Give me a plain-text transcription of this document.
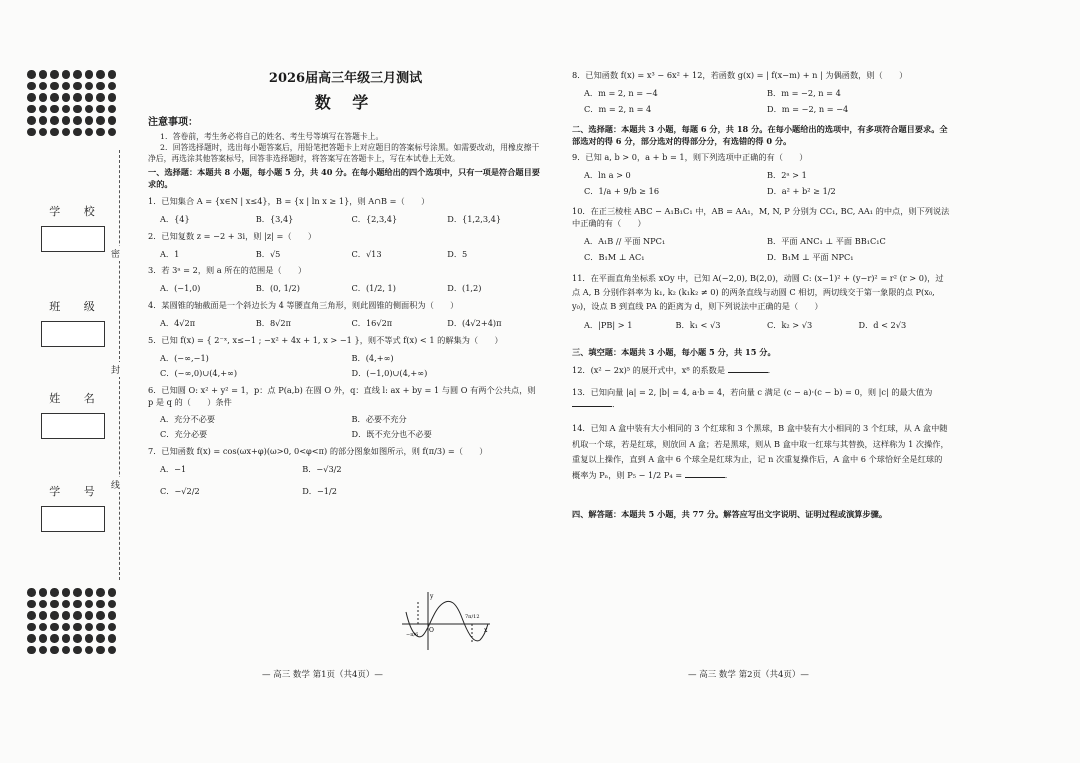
密
封
线
学 校
班 级
姓 名
学 号
2026届高三年级三月测试
数 学
注意事项：
1．答卷前，考生务必将自己的姓名、考生号等填写在答题卡上。
2．回答选择题时，选出每小题答案后，用铅笔把答题卡上对应题目的答案标号涂黑。如需要改动，用橡皮擦干净后，再选涂其他答案标号，回答非选择题时，将答案写在答题卡上，写在本试卷上无效。
一、选择题：本题共 8 小题，每小题 5 分，共 40 分。在每小题给出的四个选项中，只有一项是符合题目要求的。
1．已知集合 A = {x∈N | x≤4}，B = {x | ln x ≥ 1}，则 A∩B =（　　）
A．{4}	B．{3,4}	C．{2,3,4}	D．{1,2,3,4}
2．已知复数 z = −2 + 3i，则 |z| =（　　）
A．1	B．√5	C．√13	D．5
3．若 3ᵃ = 2，则 a 所在的范围是（　　）
A．(−1,0)	B．(0, 1/2)	C．(1/2, 1)	D．(1,2)
4．某圆锥的轴截面是一个斜边长为 4 等腰直角三角形，则此圆锥的侧面积为（　　）
A．4√2π	B．8√2π	C．16√2π	D．(4√2+4)π
5．已知 f(x) = { 2⁻ˣ, x≤−1 ; −x² + 4x + 1, x > −1 }，则不等式 f(x) < 1 的解集为（　　）
A．(−∞,−1)	B．(4,+∞)
C．(−∞,0)∪(4,+∞)	D．(−1,0)∪(4,+∞)
6．已知圆 O: x² + y² = 1，p：点 P(a,b) 在圆 O 外，q：直线 l: ax + by = 1 与圆 O 有两个公共点，则 p 是 q 的（　　）条件
A．充分不必要	B．必要不充分
C．充分必要	D．既不充分也不必要
7．已知函数 f(x) = cos(ωx+φ)(ω>0, 0<φ<π) 的部分图象如图所示，则 f(π/3) =（　　）
A．−1	B．−√3/2
C．−√2/2	D．−1/2
y
O	x
−π/6
7π/12
— 高三 数学 第1页（共4页）—
8．已知函数 f(x) = x³ − 6x² + 12，若函数 g(x) = | f(x−m) + n | 为偶函数，则（　　）
A．m = 2, n = −4	B．m = −2, n = 4
C．m = 2, n = 4	D．m = −2, n = −4
二、选择题：本题共 3 小题，每题 6 分，共 18 分。在每小题给出的选项中，有多项符合题目要求。全部选对的得 6 分，部分选对的得部分分，有选错的得 0 分。
9．已知 a, b > 0，a + b = 1，则下列选项中正确的有（　　）
A．ln a > 0	B．2ᵃ > 1
C．1/a + 9/b ≥ 16	D．a² + b² ≥ 1/2
10．在正三棱柱 ABC − A₁B₁C₁ 中，AB = AA₁，M, N, P 分别为 CC₁, BC, AA₁ 的中点，则下列说法中正确的有（　　）
A．A₁B // 平面 NPC₁	B．平面 ANC₁ ⊥ 平面 BB₁C₁C
C．B₁M ⊥ AC₁	D．B₁M ⊥ 平面 NPC₁
11．在平面直角坐标系 xOy 中，已知 A(−2,0), B(2,0)，动圆 C: (x−1)² + (y−r)² = r² (r > 0)，过点 A, B 分别作斜率为 k₁, k₂ (k₁k₂ ≠ 0) 的两条直线与动圆 C 相切，两切线交于第一象限的点 P(x₀, y₀)，设点 B 到直线 PA 的距离为 d，则下列说法中正确的是（　　）
A．|PB| > 1	B．k₁ < √3	C．k₂ > √3	D．d < 2√3
三、填空题：本题共 3 小题，每小题 5 分，共 15 分。
12．(x² − 2x)⁵ 的展开式中，x⁸ 的系数是	．
13．已知向量 |a| = 2, |b| = 4, a·b = 4，若向量 c 满足 (c − a)·(c − b) = 0，则 |c| 的最大值为 ．
14．已知 A 盒中装有大小相同的 3 个红球和 3 个黑球，B 盒中装有大小相同的 3 个红球，从 A 盒中随机取一个球，若是红球，则放回 A 盒；若是黑球，则从 B 盒中取一红球与其替换，这样称为 1 次操作，重复以上操作，直到 A 盒中 6 个球全是红球为止，记 n 次重复操作后，A 盒中 6 个球恰好全是红球的概率为 Pₙ，则 P₅ − 1/2 P₄ =	．
四、解答题：本题共 5 小题，共 77 分。解答应写出文字说明、证明过程或演算步骤。
— 高三 数学 第2页（共4页）—
